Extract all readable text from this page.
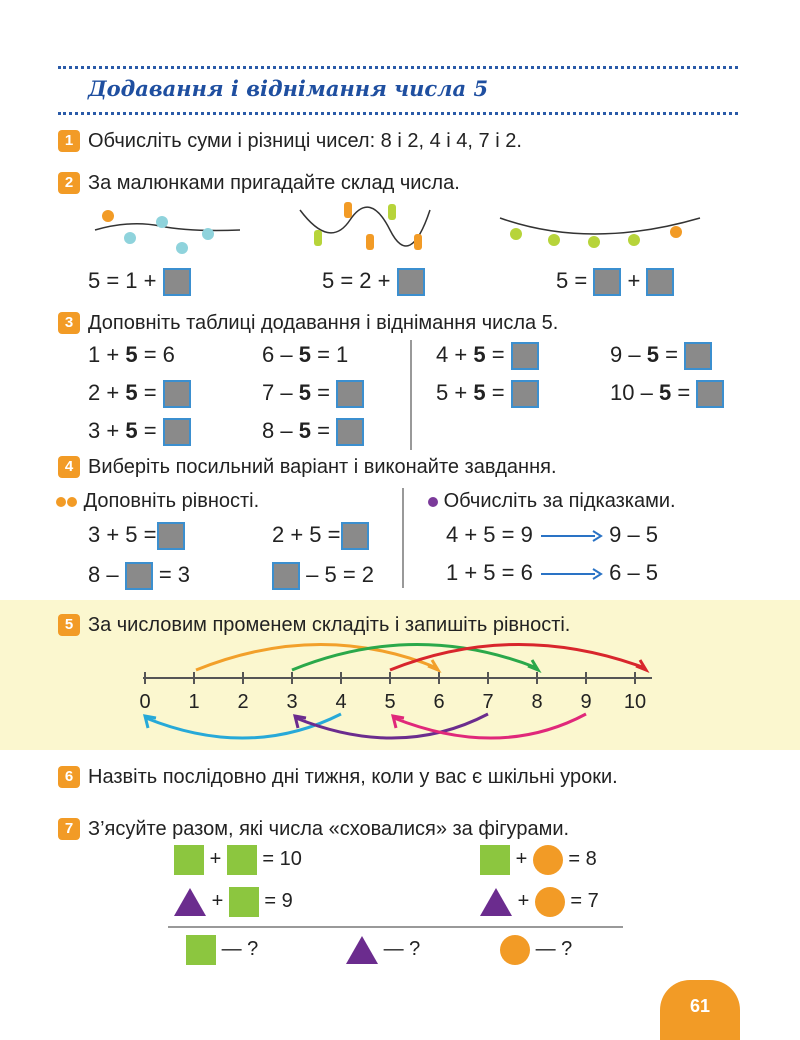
Додавання і віднімання числа 5
1 Обчисліть суми і різниці чисел: 8 і 2, 4 і 4, 7 і 2.
2 За малюнками пригадайте склад числа.
5 = 1 +	5 = 2 +	5 = +
3 Доповніть таблиці додавання і віднімання числа 5.
1 + 5 = 6	6 – 5 = 1	4 + 5 =	9 – 5 =
2 + 5 =	7 – 5 =	5 + 5 =	10 – 5 =
3 + 5 =	8 – 5 =
4 Виберіть посильний варіант і виконайте завдання.
Доповніть рівності.	Обчисліть за підказками.
3 + 5 =	2 + 5 =
8 – = 3	– 5 = 2
4 + 5 = 9	9 – 5
1 + 5 = 6	6 – 5
5 За числовим променем складіть і запишіть рівності.
0 1 2 3 4 5 6 7 8 9 10
6 Назвіть послідовно дні тижня, коли у вас є шкільні уроки.
7 З’ясуйте разом, які числа «сховалися» за фігурами.
+ = 10	+ = 8
+ = 9	+ = 7
— ?	— ?	— ?
61
